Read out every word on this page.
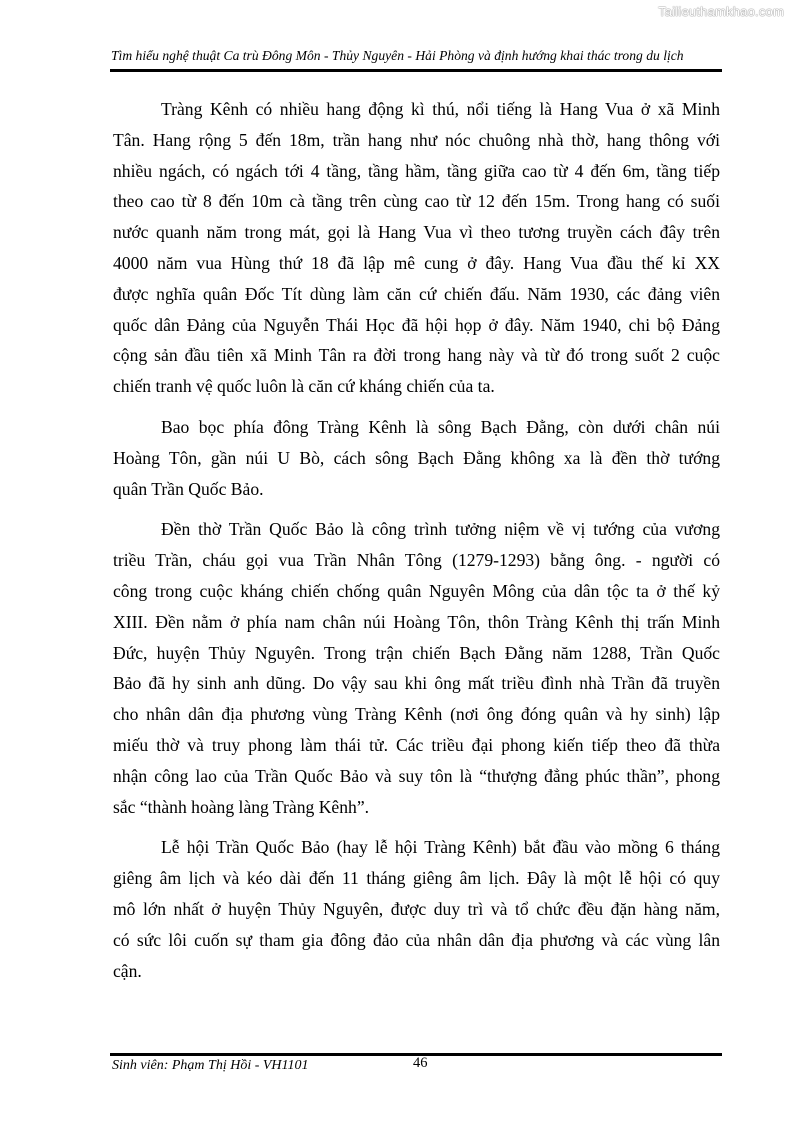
Tailieuthamkhao.com
Tìm hiểu nghệ thuật Ca trù Đông Môn - Thủy Nguyên - Hải Phòng và định hướng khai thác trong du lịch
Tràng Kênh có nhiều hang động kì thú, nổi tiếng là Hang Vua ở xã Minh
Tân. Hang rộng 5 đến 18m, trần hang như nóc chuông nhà thờ, hang thông với
nhiều ngách, có ngách tới 4 tầng, tầng hầm, tầng giữa cao từ 4 đến 6m, tầng tiếp
theo cao từ 8 đến 10m cà tầng trên cùng cao từ 12 đến 15m. Trong hang có suối
nước quanh năm trong mát, gọi là Hang Vua vì theo tương truyền cách đây trên
4000 năm vua Hùng thứ 18 đã lập mê cung ở đây. Hang Vua đầu thế kỉ XX
được nghĩa quân Đốc Tít dùng làm căn cứ chiến đấu. Năm 1930, các đảng viên
quốc dân Đảng của Nguyễn Thái Học đã hội họp ở đây. Năm 1940, chi bộ Đảng
cộng sản đầu tiên xã Minh Tân ra đời trong hang này và từ đó trong suốt 2 cuộc
chiến tranh vệ quốc luôn là căn cứ kháng chiến của ta.
Bao bọc phía đông Tràng Kênh là sông Bạch Đằng, còn dưới chân núi
Hoàng Tôn, gần núi U Bò, cách sông Bạch Đằng không xa là đền thờ tướng
quân Trần Quốc Bảo.
Đền thờ Trần Quốc Bảo là công trình tưởng niệm về vị tướng của vương
triều Trần, cháu gọi vua Trần Nhân Tông (1279-1293) bằng ông. - người có
công trong cuộc kháng chiến chống quân Nguyên Mông của dân tộc ta ở thế kỷ
XIII. Đền nằm ở phía nam chân núi Hoàng Tôn, thôn Tràng Kênh thị trấn Minh
Đức, huyện Thủy Nguyên. Trong trận chiến Bạch Đằng năm 1288, Trần Quốc
Bảo đã hy sinh anh dũng. Do vậy sau khi ông mất triều đình nhà Trần đã truyền
cho nhân dân địa phương vùng Tràng Kênh (nơi ông đóng quân và hy sinh) lập
miếu thờ và truy phong làm thái tử. Các triều đại phong kiến tiếp theo đã thừa
nhận công lao của Trần Quốc Bảo và suy tôn là “thượng đẳng phúc thần”, phong
sắc “thành hoàng làng Tràng Kênh”.
Lễ hội Trần Quốc Bảo (hay lễ hội Tràng Kênh) bắt đầu vào mồng 6 tháng
giêng âm lịch và kéo dài đến 11 tháng giêng âm lịch. Đây là một lễ hội có quy
mô lớn nhất ở huyện Thủy Nguyên, được duy trì và tổ chức đều đặn hàng năm,
có sức lôi cuốn sự tham gia đông đảo của nhân dân địa phương và các vùng lân
cận.
Sinh viên: Phạm Thị Hồi - VH1101	46
